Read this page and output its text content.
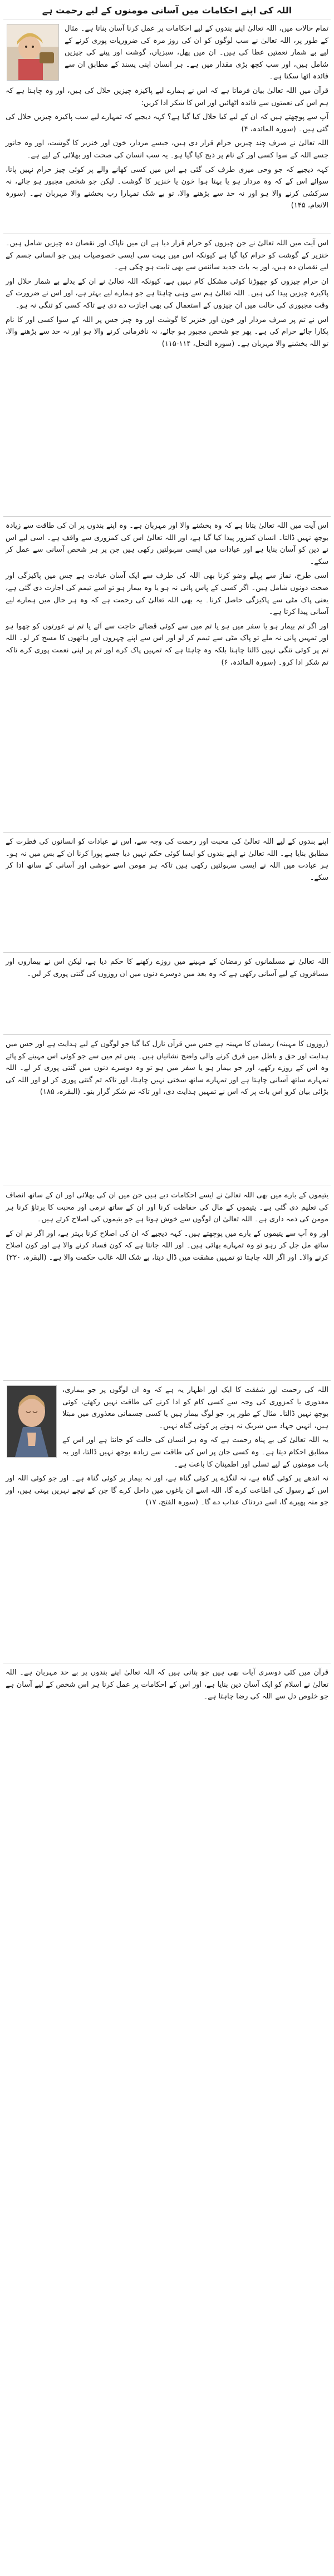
اللہ کی اپنے احکامات میں آسانی مومنوں کے لیے رحمت ہے

تمام حالات میں، اللہ تعالیٰ اپنے بندوں کے لیے احکامات پر عمل کرنا آسان بناتا ہے۔ مثال کے طور پر، اللہ تعالیٰ نے سب لوگوں کو ان کی روز مرہ کی ضروریات پوری کرنے کے لیے بے شمار نعمتیں عطا کی ہیں۔ ان میں پھل، سبزیاں، گوشت اور پینے کی چیزیں شامل ہیں، اور سب کچھ بڑی مقدار میں ہے۔ ہر انسان اپنی پسند کے مطابق ان سے فائدہ اٹھا سکتا ہے۔

قرآن میں اللہ تعالیٰ بیان فرماتا ہے کہ اس نے ہمارے لیے پاکیزہ چیزیں حلال کی ہیں، اور وہ چاہتا ہے کہ ہم اس کی نعمتوں سے فائدہ اٹھائیں اور اس کا شکر ادا کریں:

آپ سے پوچھتے ہیں کہ ان کے لیے کیا حلال کیا گیا ہے؟ کہہ دیجیے کہ تمہارے لیے سب پاکیزہ چیزیں حلال کی گئی ہیں۔ (سورہ المائدہ، ۴)

اللہ تعالیٰ نے صرف چند چیزیں حرام قرار دی ہیں، جیسے مردار، خون اور خنزیر کا گوشت، اور وہ جانور جسے اللہ کے سوا کسی اور کے نام پر ذبح کیا گیا ہو۔ یہ سب انسان کی صحت اور بھلائی کے لیے ہے۔

کہہ دیجیے کہ جو وحی میری طرف کی گئی ہے اس میں کسی کھانے والے پر کوئی چیز حرام نہیں پاتا، سوائے اس کے کہ وہ مردار ہو یا بہتا ہوا خون یا خنزیر کا گوشت۔ لیکن جو شخص مجبور ہو جائے، نہ سرکشی کرنے والا ہو اور نہ حد سے بڑھنے والا، تو بے شک تمہارا رب بخشنے والا مہربان ہے۔ (سورہ الانعام، ۱۴۵)

اس آیت میں اللہ تعالیٰ نے جن چیزوں کو حرام قرار دیا ہے ان میں ناپاک اور نقصان دہ چیزیں شامل ہیں۔ خنزیر کے گوشت کو حرام کیا گیا ہے کیونکہ اس میں بہت سی ایسی خصوصیات ہیں جو انسانی جسم کے لیے نقصان دہ ہیں، اور یہ بات جدید سائنس سے بھی ثابت ہو چکی ہے۔

ان حرام چیزوں کو چھوڑنا کوئی مشکل کام نہیں ہے، کیونکہ اللہ تعالیٰ نے ان کے بدلے بے شمار حلال اور پاکیزہ چیزیں پیدا کی ہیں۔ اللہ تعالیٰ ہم سے وہی چاہتا ہے جو ہمارے لیے بہتر ہے، اور اس نے ضرورت کے وقت مجبوری کی حالت میں ان چیزوں کے استعمال کی بھی اجازت دے دی ہے تاکہ کسی کو تنگی نہ ہو۔

اس نے تم پر صرف مردار اور خون اور خنزیر کا گوشت اور وہ چیز جس پر اللہ کے سوا کسی اور کا نام پکارا جائے حرام کی ہے۔ پھر جو شخص مجبور ہو جائے، نہ نافرمانی کرنے والا ہو اور نہ حد سے بڑھنے والا، تو اللہ بخشنے والا مہربان ہے۔ (سورہ النحل، ۱۱۴-۱۱۵)

اس آیت میں اللہ تعالیٰ بتاتا ہے کہ وہ بخشنے والا اور مہربان ہے۔ وہ اپنے بندوں پر ان کی طاقت سے زیادہ بوجھ نہیں ڈالتا۔ انسان کمزور پیدا کیا گیا ہے، اور اللہ تعالیٰ اس کی کمزوری سے واقف ہے۔ اسی لیے اس نے دین کو آسان بنایا ہے اور عبادات میں ایسی سہولتیں رکھی ہیں جن پر ہر شخص آسانی سے عمل کر سکے۔

اسی طرح، نماز سے پہلے وضو کرنا بھی اللہ کی طرف سے ایک آسان عبادت ہے جس میں پاکیزگی اور صحت دونوں شامل ہیں۔ اگر کسی کے پاس پانی نہ ہو یا وہ بیمار ہو تو اسے تیمم کی اجازت دی گئی ہے، یعنی پاک مٹی سے پاکیزگی حاصل کرنا۔ یہ بھی اللہ تعالیٰ کی رحمت ہے کہ وہ ہر حال میں ہمارے لیے آسانی پیدا کرتا ہے۔

اور اگر تم بیمار ہو یا سفر میں ہو یا تم میں سے کوئی قضائے حاجت سے آئے یا تم نے عورتوں کو چھوا ہو اور تمہیں پانی نہ ملے تو پاک مٹی سے تیمم کر لو اور اس سے اپنے چہروں اور ہاتھوں کا مسح کر لو۔ اللہ تم پر کوئی تنگی نہیں ڈالنا چاہتا بلکہ وہ چاہتا ہے کہ تمہیں پاک کرے اور تم پر اپنی نعمت پوری کرے تاکہ تم شکر ادا کرو۔ (سورہ المائدہ، ۶)

اپنے بندوں کے لیے اللہ تعالیٰ کی محبت اور رحمت کی وجہ سے، اس نے عبادات کو انسانوں کی فطرت کے مطابق بنایا ہے۔ اللہ تعالیٰ نے اپنے بندوں کو ایسا کوئی حکم نہیں دیا جسے پورا کرنا ان کے بس میں نہ ہو۔ ہر عبادت میں اللہ نے ایسی سہولتیں رکھی ہیں تاکہ ہر مومن اسے خوشی اور آسانی کے ساتھ ادا کر سکے۔

اللہ تعالیٰ نے مسلمانوں کو رمضان کے مہینے میں روزے رکھنے کا حکم دیا ہے، لیکن اس نے بیماروں اور مسافروں کے لیے آسانی رکھی ہے کہ وہ بعد میں دوسرے دنوں میں ان روزوں کی گنتی پوری کر لیں۔

(روزوں کا مہینہ) رمضان کا مہینہ ہے جس میں قرآن نازل کیا گیا جو لوگوں کے لیے ہدایت ہے اور جس میں ہدایت اور حق و باطل میں فرق کرنے والی واضح نشانیاں ہیں۔ پس تم میں سے جو کوئی اس مہینے کو پائے وہ اس کے روزے رکھے، اور جو بیمار ہو یا سفر میں ہو تو وہ دوسرے دنوں میں گنتی پوری کر لے۔ اللہ تمہارے ساتھ آسانی چاہتا ہے اور تمہارے ساتھ سختی نہیں چاہتا، اور تاکہ تم گنتی پوری کر لو اور اللہ کی بڑائی بیان کرو اس بات پر کہ اس نے تمہیں ہدایت دی، اور تاکہ تم شکر گزار بنو۔ (البقرہ، ۱۸۵)

یتیموں کے بارے میں بھی اللہ تعالیٰ نے ایسے احکامات دیے ہیں جن میں ان کی بھلائی اور ان کے ساتھ انصاف کی تعلیم دی گئی ہے۔ یتیموں کے مال کی حفاظت کرنا اور ان کے ساتھ نرمی اور محبت کا برتاؤ کرنا ہر مومن کی ذمہ داری ہے۔ اللہ تعالیٰ ان لوگوں سے خوش ہوتا ہے جو یتیموں کی اصلاح کرتے ہیں۔

اور وہ آپ سے یتیموں کے بارے میں پوچھتے ہیں۔ کہہ دیجیے کہ ان کی اصلاح کرنا بہتر ہے، اور اگر تم ان کے ساتھ مل جل کر رہو تو وہ تمہارے بھائی ہیں۔ اور اللہ جانتا ہے کہ کون فساد کرنے والا ہے اور کون اصلاح کرنے والا۔ اور اگر اللہ چاہتا تو تمہیں مشقت میں ڈال دیتا، بے شک اللہ غالب حکمت والا ہے۔ (البقرہ، ۲۲۰)

اللہ کی رحمت اور شفقت کا ایک اور اظہار یہ ہے کہ وہ ان لوگوں پر جو بیماری، معذوری یا کمزوری کی وجہ سے کسی کام کو ادا کرنے کی طاقت نہیں رکھتے، کوئی بوجھ نہیں ڈالتا۔ مثال کے طور پر، جو لوگ بیمار ہیں یا کسی جسمانی معذوری میں مبتلا ہیں، انہیں جہاد میں شریک نہ ہونے پر کوئی گناہ نہیں۔

یہ اللہ تعالیٰ کی بے پناہ رحمت ہے کہ وہ ہر انسان کی حالت کو جانتا ہے اور اس کے مطابق احکام دیتا ہے۔ وہ کسی جان پر اس کی طاقت سے زیادہ بوجھ نہیں ڈالتا، اور یہ بات مومنوں کے لیے تسلی اور اطمینان کا باعث ہے۔

نہ اندھے پر کوئی گناہ ہے، نہ لنگڑے پر کوئی گناہ ہے، اور نہ بیمار پر کوئی گناہ ہے۔ اور جو کوئی اللہ اور اس کے رسول کی اطاعت کرے گا، اللہ اسے ان باغوں میں داخل کرے گا جن کے نیچے نہریں بہتی ہیں، اور جو منہ پھیرے گا، اسے دردناک عذاب دے گا۔ (سورہ الفتح، ۱۷)

قرآن میں کئی دوسری آیات بھی ہیں جو بتاتی ہیں کہ اللہ تعالیٰ اپنے بندوں پر بے حد مہربان ہے۔ اللہ تعالیٰ نے اسلام کو ایک آسان دین بنایا ہے، اور اس کے احکامات پر عمل کرنا ہر اس شخص کے لیے آسان ہے جو خلوص دل سے اللہ کی رضا چاہتا ہے۔
